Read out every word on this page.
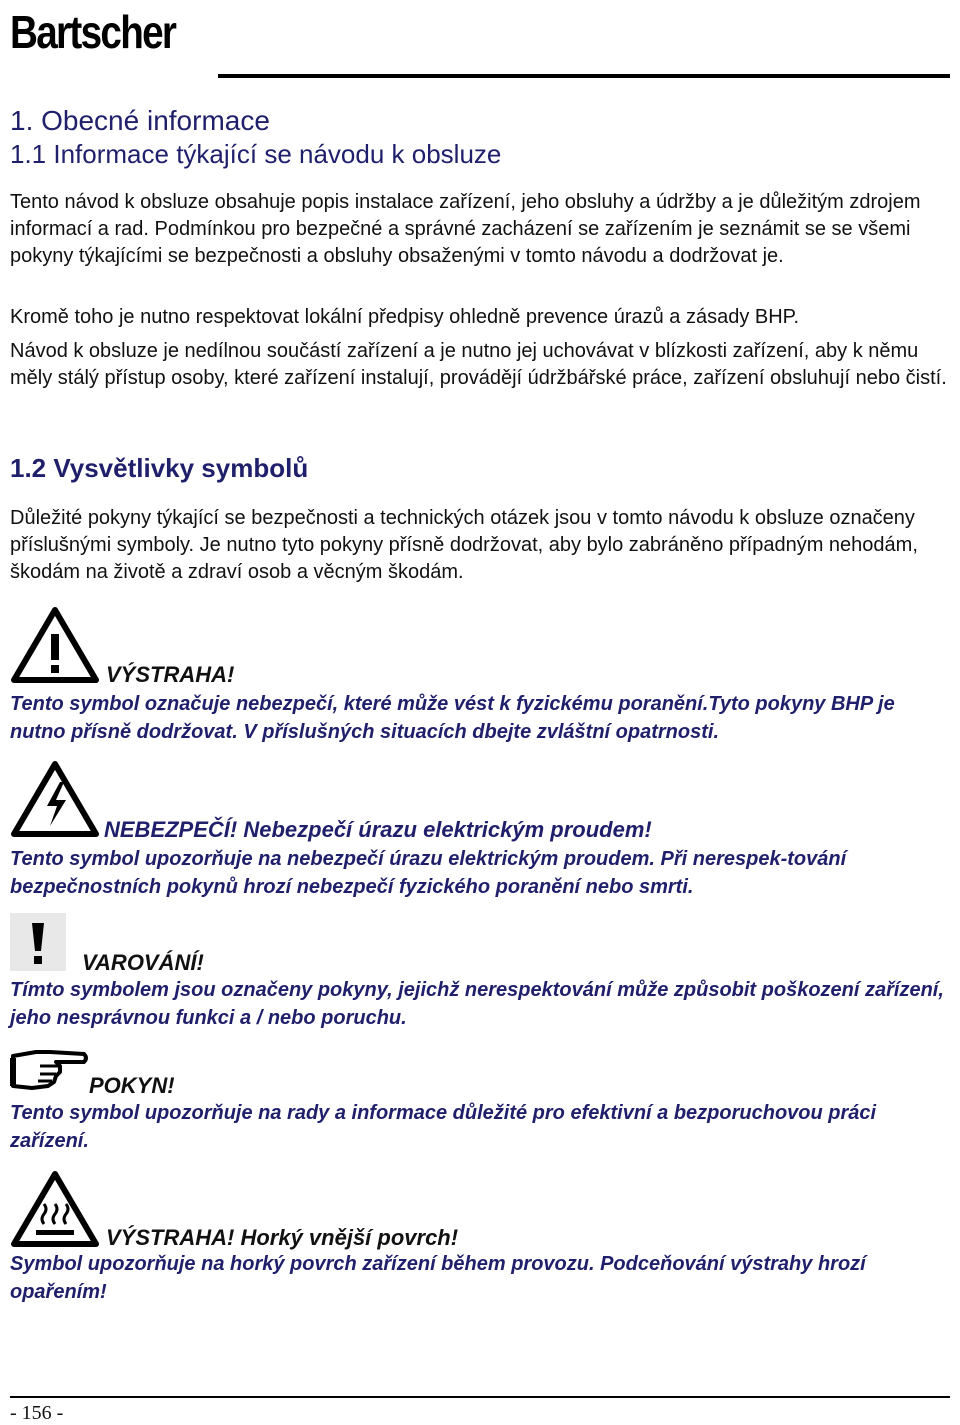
Bartscher
1. Obecné informace
1.1 Informace týkající se návodu k obsluze

Tento návod k obsluze obsahuje popis instalace zařízení, jeho obsluhy a údržby a je důležitým zdrojem informací a rad. Podmínkou pro bezpečné a správné zacházení se zařízením je seznámit se se všemi pokyny týkajícími se bezpečnosti a obsluhy obsaženými v tomto návodu a dodržovat je.

Kromě toho je nutno respektovat lokální předpisy ohledně prevence úrazů a zásady BHP.

Návod k obsluze je nedílnou součástí zařízení a je nutno jej uchovávat v blízkosti zařízení, aby k němu měly stálý přístup osoby, které zařízení instalují, provádějí údržbářské práce, zařízení obsluhují nebo čistí.

1.2 Vysvětlivky symbolů

Důležité pokyny týkající se bezpečnosti a technických otázek jsou v tomto návodu k obsluze označeny příslušnými symboly. Je nutno tyto pokyny přísně dodržovat, aby bylo zabráněno případným nehodám, škodám na životě a zdraví osob a věcným škodám.

VÝSTRAHA!

Tento symbol označuje nebezpečí, které může vést k fyzickému poranění.Tyto pokyny BHP je nutno přísně dodržovat. V příslušných situacích dbejte zvláštní opatrnosti.

NEBEZPEČÍ! Nebezpečí úrazu elektrickým proudem!

Tento symbol upozorňuje na nebezpečí úrazu elektrickým proudem. Při nerespek-tování bezpečnostních pokynů hrozí nebezpečí fyzického poranění nebo smrti.

VAROVÁNÍ!

Tímto symbolem jsou označeny pokyny, jejichž nerespektování může způsobit poškození zařízení, jeho nesprávnou funkci a / nebo poruchu.

POKYN!

Tento symbol upozorňuje na rady a informace důležité pro efektivní a bezporuchovou práci zařízení.

VÝSTRAHA! Horký vnější povrch!

Symbol upozorňuje na horký povrch zařízení během provozu. Podceňování výstrahy hrozí opařením!

- 156 -
